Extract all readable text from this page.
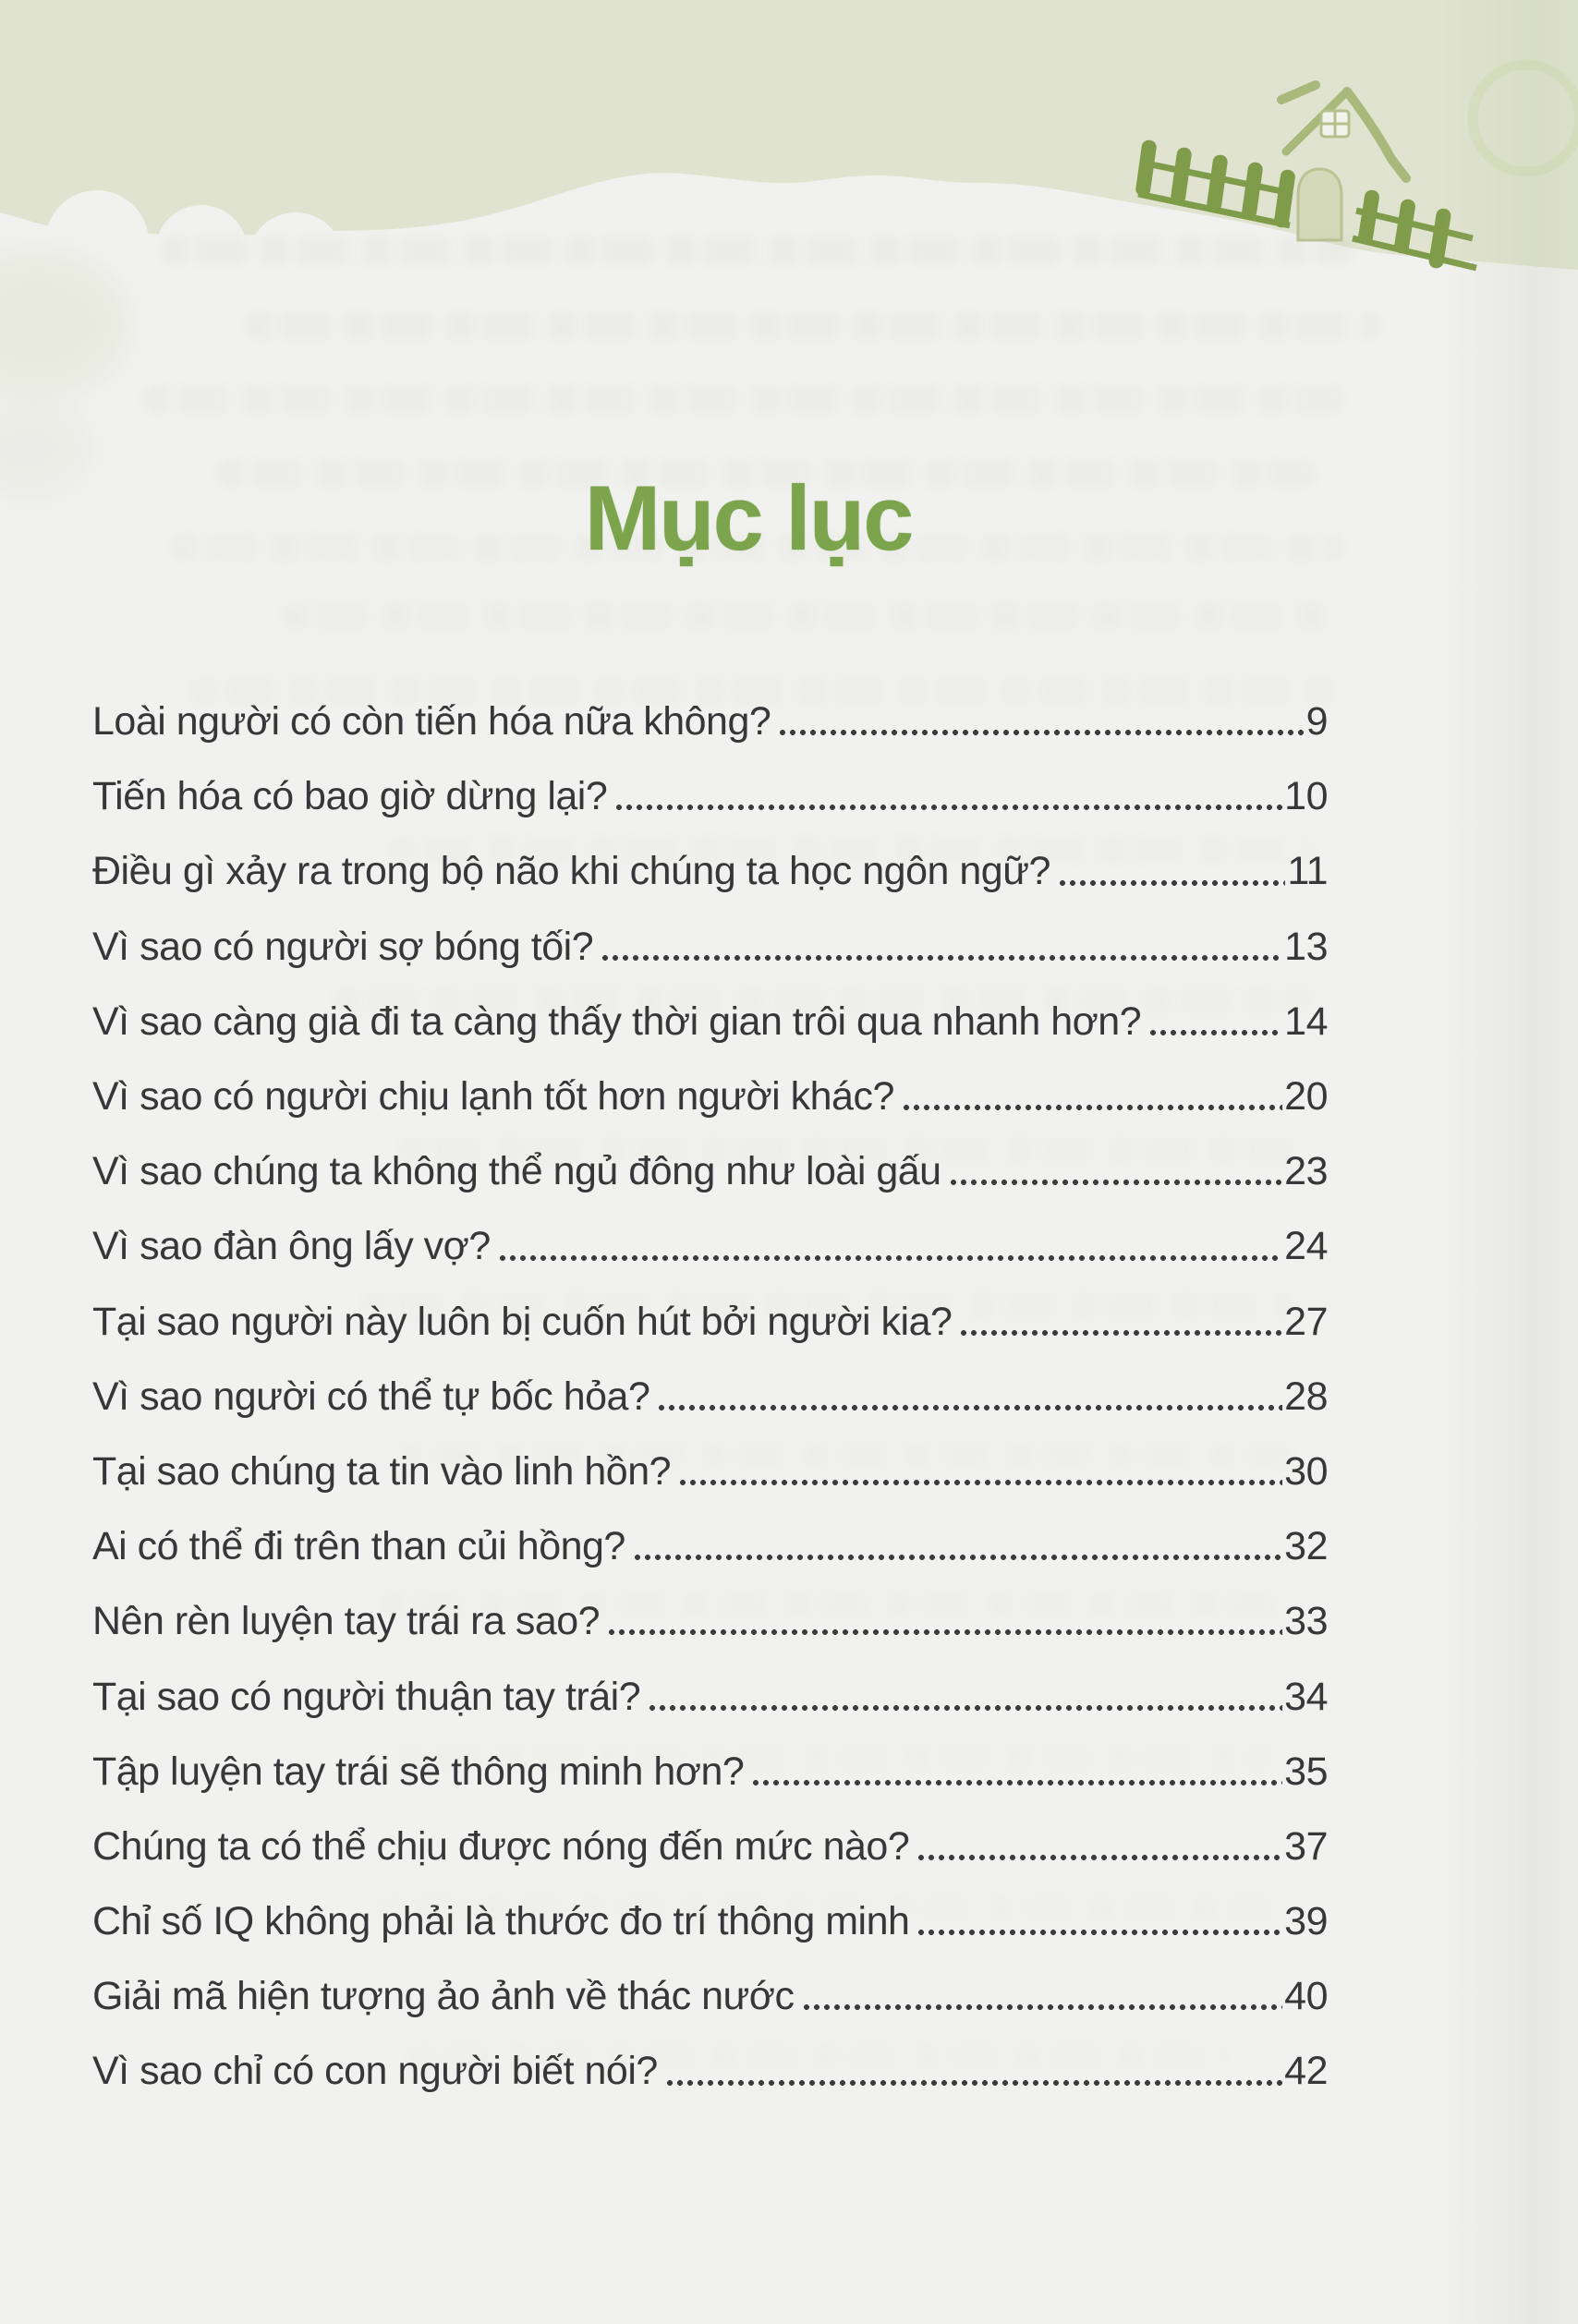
Mục lục
Loài người có còn tiến hóa nữa không?	9
Tiến hóa có bao giờ dừng lại?	10
Điều gì xảy ra trong bộ não khi chúng ta học ngôn ngữ?	11
Vì sao có người sợ bóng tối?	13
Vì sao càng già đi ta càng thấy thời gian trôi qua nhanh hơn?	14
Vì sao có người chịu lạnh tốt hơn người khác?	20
Vì sao chúng ta không thể ngủ đông như loài gấu	23
Vì sao đàn ông lấy vợ?	24
Tại sao người này luôn bị cuốn hút bởi người kia?	27
Vì sao người có thể tự bốc hỏa?	28
Tại sao chúng ta tin vào linh hồn?	30
Ai có thể đi trên than củi hồng?	32
Nên rèn luyện tay trái ra sao?	33
Tại sao có người thuận tay trái?	34
Tập luyện tay trái sẽ thông minh hơn?	35
Chúng ta có thể chịu được nóng đến mức nào?	37
Chỉ số IQ không phải là thước đo trí thông minh	39
Giải mã hiện tượng ảo ảnh về thác nước	40
Vì sao chỉ có con người biết nói?	42
